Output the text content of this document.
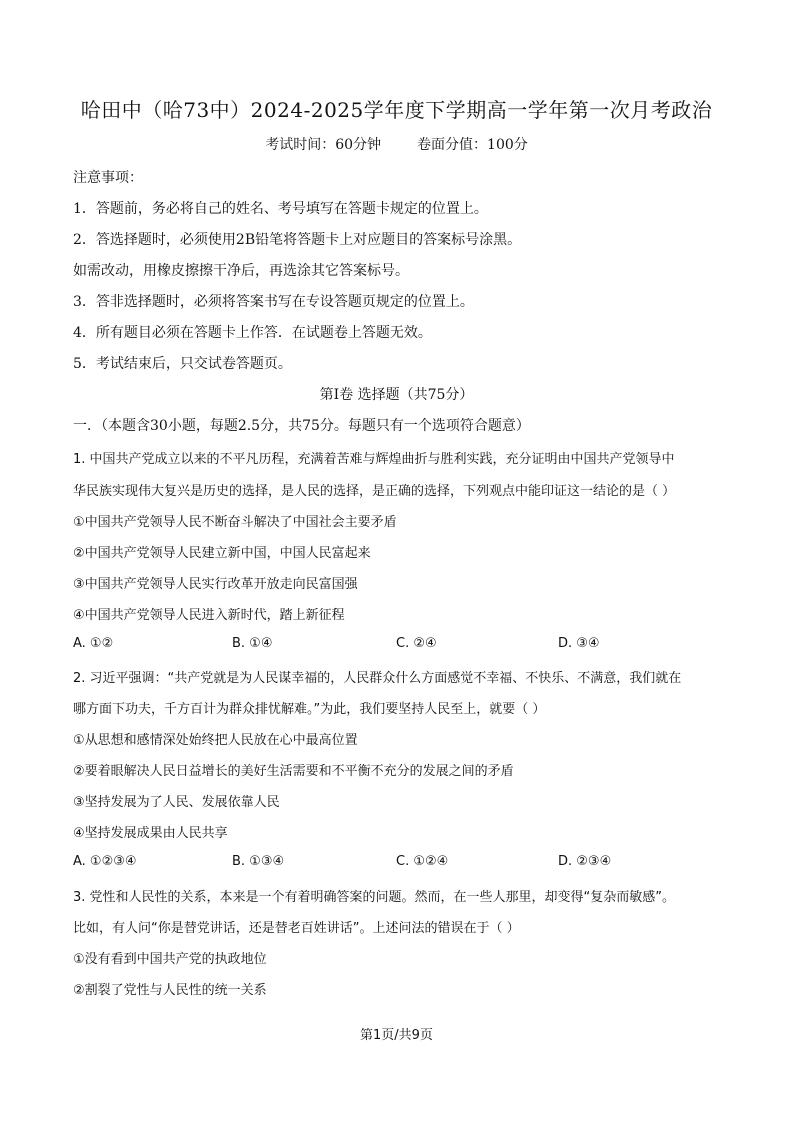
哈田中（哈73中）2024-2025学年度下学期高一学年第一次月考政治
考试时间：60分钟	卷面分值：100分
注意事项：
1．答题前，务必将自己的姓名、考号填写在答题卡规定的位置上。
2．答选择题时，必须使用2B铅笔将答题卡上对应题目的答案标号涂黑。
如需改动，用橡皮擦擦干净后，再选涂其它答案标号。
3．答非选择题时，必须将答案书写在专设答题页规定的位置上。
4．所有题目必须在答题卡上作答．在试题卷上答题无效。
5．考试结束后，只交试卷答题页。
第Ⅰ卷 选择题（共75分）
一．（本题含30小题，每题2.5分，共75分。每题只有一个选项符合题意）
1. 中国共产党成立以来的不平凡历程，充满着苦难与辉煌曲折与胜利实践，充分证明由中国共产党领导中
华民族实现伟大复兴是历史的选择，是人民的选择，是正确的选择，下列观点中能印证这一结论的是（ ）
①中国共产党领导人民不断奋斗解决了中国社会主要矛盾
②中国共产党领导人民建立新中国，中国人民富起来
③中国共产党领导人民实行改革开放走向民富国强
④中国共产党领导人民进入新时代，踏上新征程
A. ①②	B. ①④	C. ②④	D. ③④
2. 习近平强调：“共产党就是为人民谋幸福的，人民群众什么方面感觉不幸福、不快乐、不满意，我们就在
哪方面下功夫，千方百计为群众排忧解难。”为此，我们要坚持人民至上，就要（ ）
①从思想和感情深处始终把人民放在心中最高位置
②要着眼解决人民日益增长的美好生活需要和不平衡不充分的发展之间的矛盾
③坚持发展为了人民、发展依靠人民
④坚持发展成果由人民共享
A. ①②③④	B. ①③④	C. ①②④	D. ②③④
3. 党性和人民性的关系，本来是一个有着明确答案的问题。然而，在一些人那里，却变得“复杂而敏感”。
比如，有人问“你是替党讲话，还是替老百姓讲话”。上述问法的错误在于（ ）
①没有看到中国共产党的执政地位
②割裂了党性与人民性的统一关系
第1页/共9页
